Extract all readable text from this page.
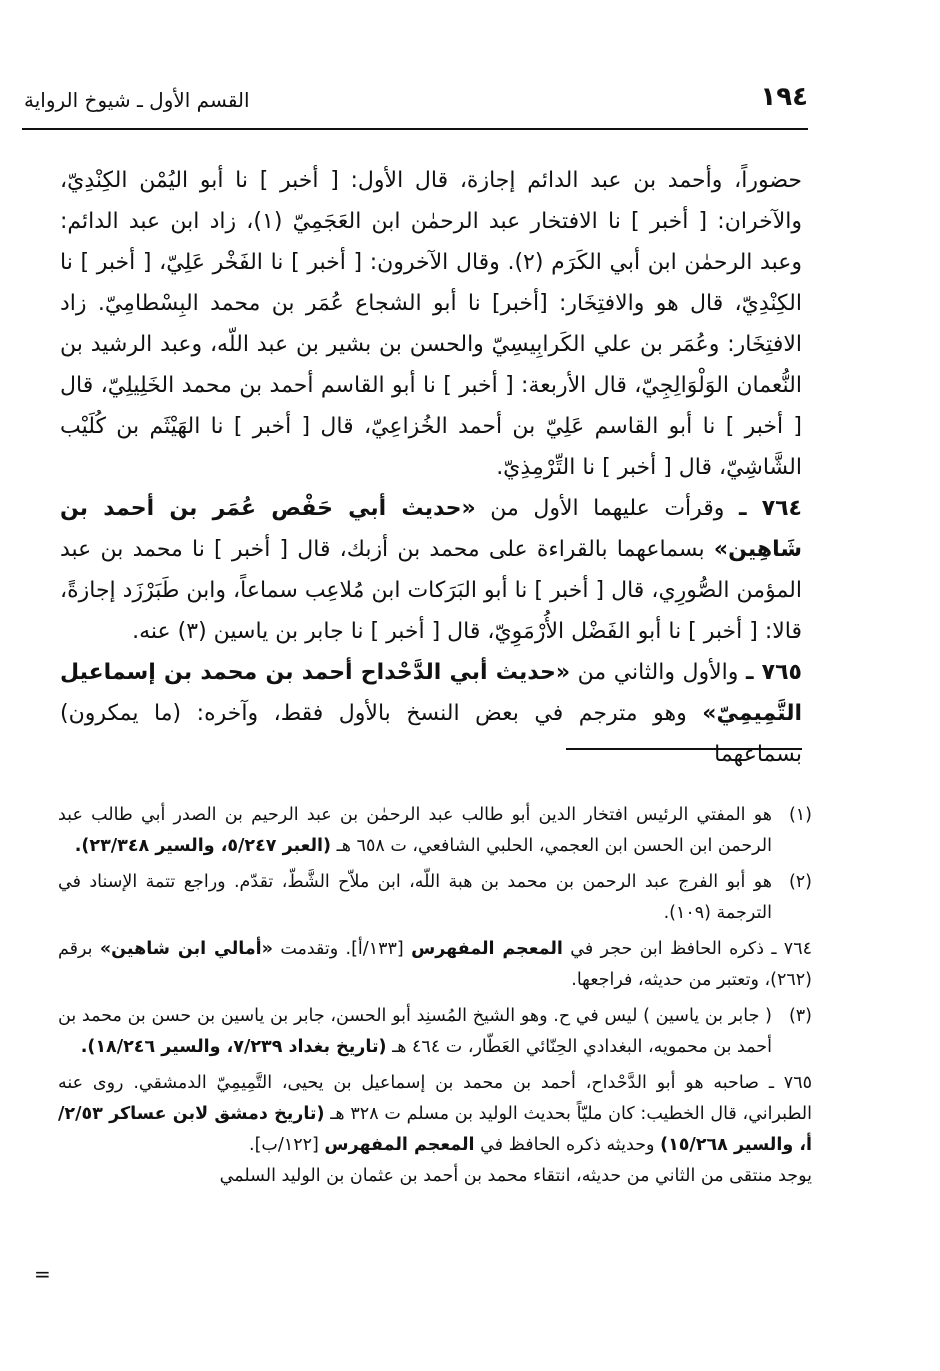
١٩٤
القسم الأول ـ شيوخ الرواية

حضوراً، وأحمد بن عبد الدائم إجازة، قال الأول: [ أخبر ] نا أبو اليُمْن الكِنْدِيّ، والآخران: [ أخبر ] نا الافتخار عبد الرحمٰن ابن العَجَمِيّ (١)، زاد ابن عبد الدائم: وعبد الرحمٰن ابن أبي الكَرَم (٢). وقال الآخرون: [ أخبر ] نا الفَخْر عَلِيّ، [ أخبر ] نا الكِنْدِيّ، قال هو والافتِخَار: [أخبر] نا أبو الشجاع عُمَر بن محمد البِسْطامِيّ. زاد الافتِخَار: وعُمَر بن علي الكَرابِيسِيّ والحسن بن بشير بن عبد اللّه، وعبد الرشيد بن النُّعمان الوَلْوَالِجِيّ، قال الأربعة: [ أخبر ] نا أبو القاسم أحمد بن محمد الخَلِيلِيّ، قال [ أخبر ] نا أبو القاسم عَلِيّ بن أحمد الخُزاعِيّ، قال [ أخبر ] نا الهَيْثَم بن كُلَيْب الشَّاشِيّ، قال [ أخبر ] نا التِّرْمِذِيّ.

٧٦٤ ـ وقرأت عليهما الأول من «حديث أبي حَفْص عُمَر بن أحمد بن شَاهِين» بسماعهما بالقراءة على محمد بن أزبك، قال [ أخبر ] نا محمد بن عبد المؤمن الصُّورِي، قال [ أخبر ] نا أبو البَرَكات ابن مُلاعِب سماعاً، وابن طَبَرْزَد إجازةً، قالا: [ أخبر ] نا أبو الفَضْل الأُرْمَوِيّ، قال [ أخبر ] نا جابر بن ياسين (٣) عنه.

٧٦٥ ـ والأول والثاني من «حديث أبي الدَّحْداح أحمد بن محمد بن إسماعيل التَّمِيمِيّ» وهو مترجم في بعض النسخ بالأول فقط، وآخره: (ما يمكرون) بسماعهما

(١)
هو المفتي الرئيس افتخار الدين أبو طالب عبد الرحمٰن بن عبد الرحيم بن الصدر أبي طالب عبد الرحمن ابن الحسن ابن العجمي، الحلبي الشافعي، ت ٦٥٨ هـ (العبر ٥/٢٤٧، والسير ٢٣/٣٤٨).
(٢)
هو أبو الفرج عبد الرحمن بن محمد بن هبة اللّه، ابن ملاّح الشَّطّ، تقدّم. وراجع تتمة الإسناد في الترجمة (١٠٩).
٧٦٤ ـ ذكره الحافظ ابن حجر في المعجم المفهرس [١٣٣/أ]. وتقدمت «أمالي ابن شاهين» برقم (٢٦٢)، وتعتبر من حديثه، فراجعها.
(٣)
( جابر بن ياسين ) ليس في ح. وهو الشيخ المُسنِد أبو الحسن، جابر بن ياسين بن حسن بن محمد بن أحمد بن محمويه، البغدادي الحِنّائي العَطّار، ت ٤٦٤ هـ (تاريخ بغداد ٧/٢٣٩، والسير ١٨/٢٤٦).
٧٦٥ ـ صاحبه هو أبو الدَّحْداح، أحمد بن محمد بن إسماعيل بن يحيى، التَّمِيمِيّ الدمشقي. روى عنه الطبراني، قال الخطيب: كان مليّاً بحديث الوليد بن مسلم ت ٣٢٨ هـ (تاريخ دمشق لابن عساكر ٢/٥٣/أ، والسير ١٥/٢٦٨) وحديثه ذكره الحافظ في المعجم المفهرس [١٢٢/ب].
يوجد منتقى من الثاني من حديثه، انتقاء محمد بن أحمد بن عثمان بن الوليد السلمي
=
